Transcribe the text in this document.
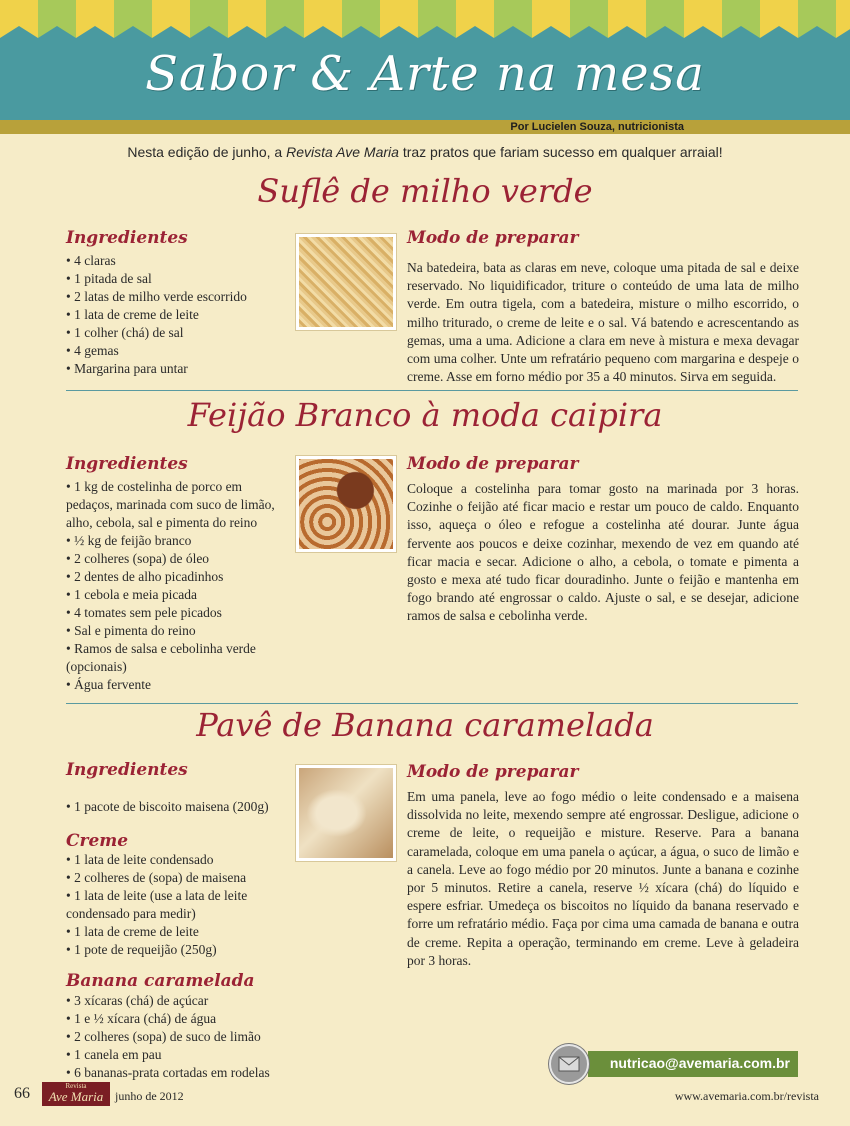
Sabor & Arte na mesa
Por Lucielen Souza, nutricionista
Nesta edição de junho, a Revista Ave Maria traz pratos que fariam sucesso em qualquer arraial!
Suflê de milho verde
Ingredientes
• 4 claras
• 1 pitada de sal
• 2 latas de milho verde escorrido
• 1 lata de creme de leite
• 1 colher (chá) de sal
• 4 gemas
• Margarina para untar
Modo de preparar

Na batedeira, bata as claras em neve, coloque uma pitada de sal e deixe reservado. No liquidificador, triture o conteúdo de uma lata de milho verde. Em outra tigela, com a batedeira, misture o milho escorrido, o milho triturado, o creme de leite e o sal. Vá batendo e acrescentando as gemas, uma a uma. Adicione a clara em neve à mistura e mexa devagar com uma colher. Unte um refratário pequeno com margarina e despeje o creme. Asse em forno médio por 35 a 40 minutos. Sirva em seguida.

Feijão Branco à moda caipira
Ingredientes
• 1 kg de costelinha de porco em pedaços, marinada com suco de limão, alho, cebola, sal e pimenta do reino
• ½ kg de feijão branco
• 2 colheres (sopa) de óleo
• 2 dentes de alho picadinhos
• 1 cebola e meia picada
• 4 tomates sem pele picados
• Sal e pimenta do reino
• Ramos de salsa e cebolinha verde (opcionais)
• Água fervente
Modo de preparar

Coloque a costelinha para tomar gosto na marinada por 3 horas. Cozinhe o feijão até ficar macio e restar um pouco de caldo. Enquanto isso, aqueça o óleo e refogue a costelinha até dourar. Junte água fervente aos poucos e deixe cozinhar, mexendo de vez em quando até ficar macia e secar. Adicione o alho, a cebola, o tomate e pimenta a gosto e mexa até tudo ficar douradinho. Junte o feijão e mantenha em fogo brando até engrossar o caldo. Ajuste o sal, e se desejar, adicione ramos de salsa e cebolinha verde.

Pavê de Banana caramelada
Ingredientes
• 1 pacote de biscoito maisena (200g)
Creme
• 1 lata de leite condensado
• 2 colheres de (sopa) de maisena
• 1 lata de leite (use a lata de leite condensado para medir)
• 1 lata de creme de leite
• 1 pote de requeijão (250g)
Banana caramelada
• 3 xícaras (chá) de açúcar
• 1 e ½ xícara (chá) de água
• 2 colheres (sopa) de suco de limão
• 1 canela em pau
• 6 bananas-prata cortadas em rodelas
Modo de preparar

Em uma panela, leve ao fogo médio o leite condensado e a maisena dissolvida no leite, mexendo sempre até engrossar. Desligue, adicione o creme de leite, o requeijão e misture. Reserve. Para a banana caramelada, coloque em uma panela o açúcar, a água, o suco de limão e a canela. Leve ao fogo médio por 20 minutos. Junte a banana e cozinhe por 5 minutos. Retire a canela, reserve ½ xícara (chá) do líquido e espere esfriar. Umedeça os biscoitos no líquido da banana reservado e forre um refratário médio. Faça por cima uma camada de banana e outra de creme. Repita a operação, terminando em creme. Leve à geladeira por 3 horas.

nutricao@avemaria.com.br
66	Revista
Ave Maria junho de 2012	www.avemaria.com.br/revista
